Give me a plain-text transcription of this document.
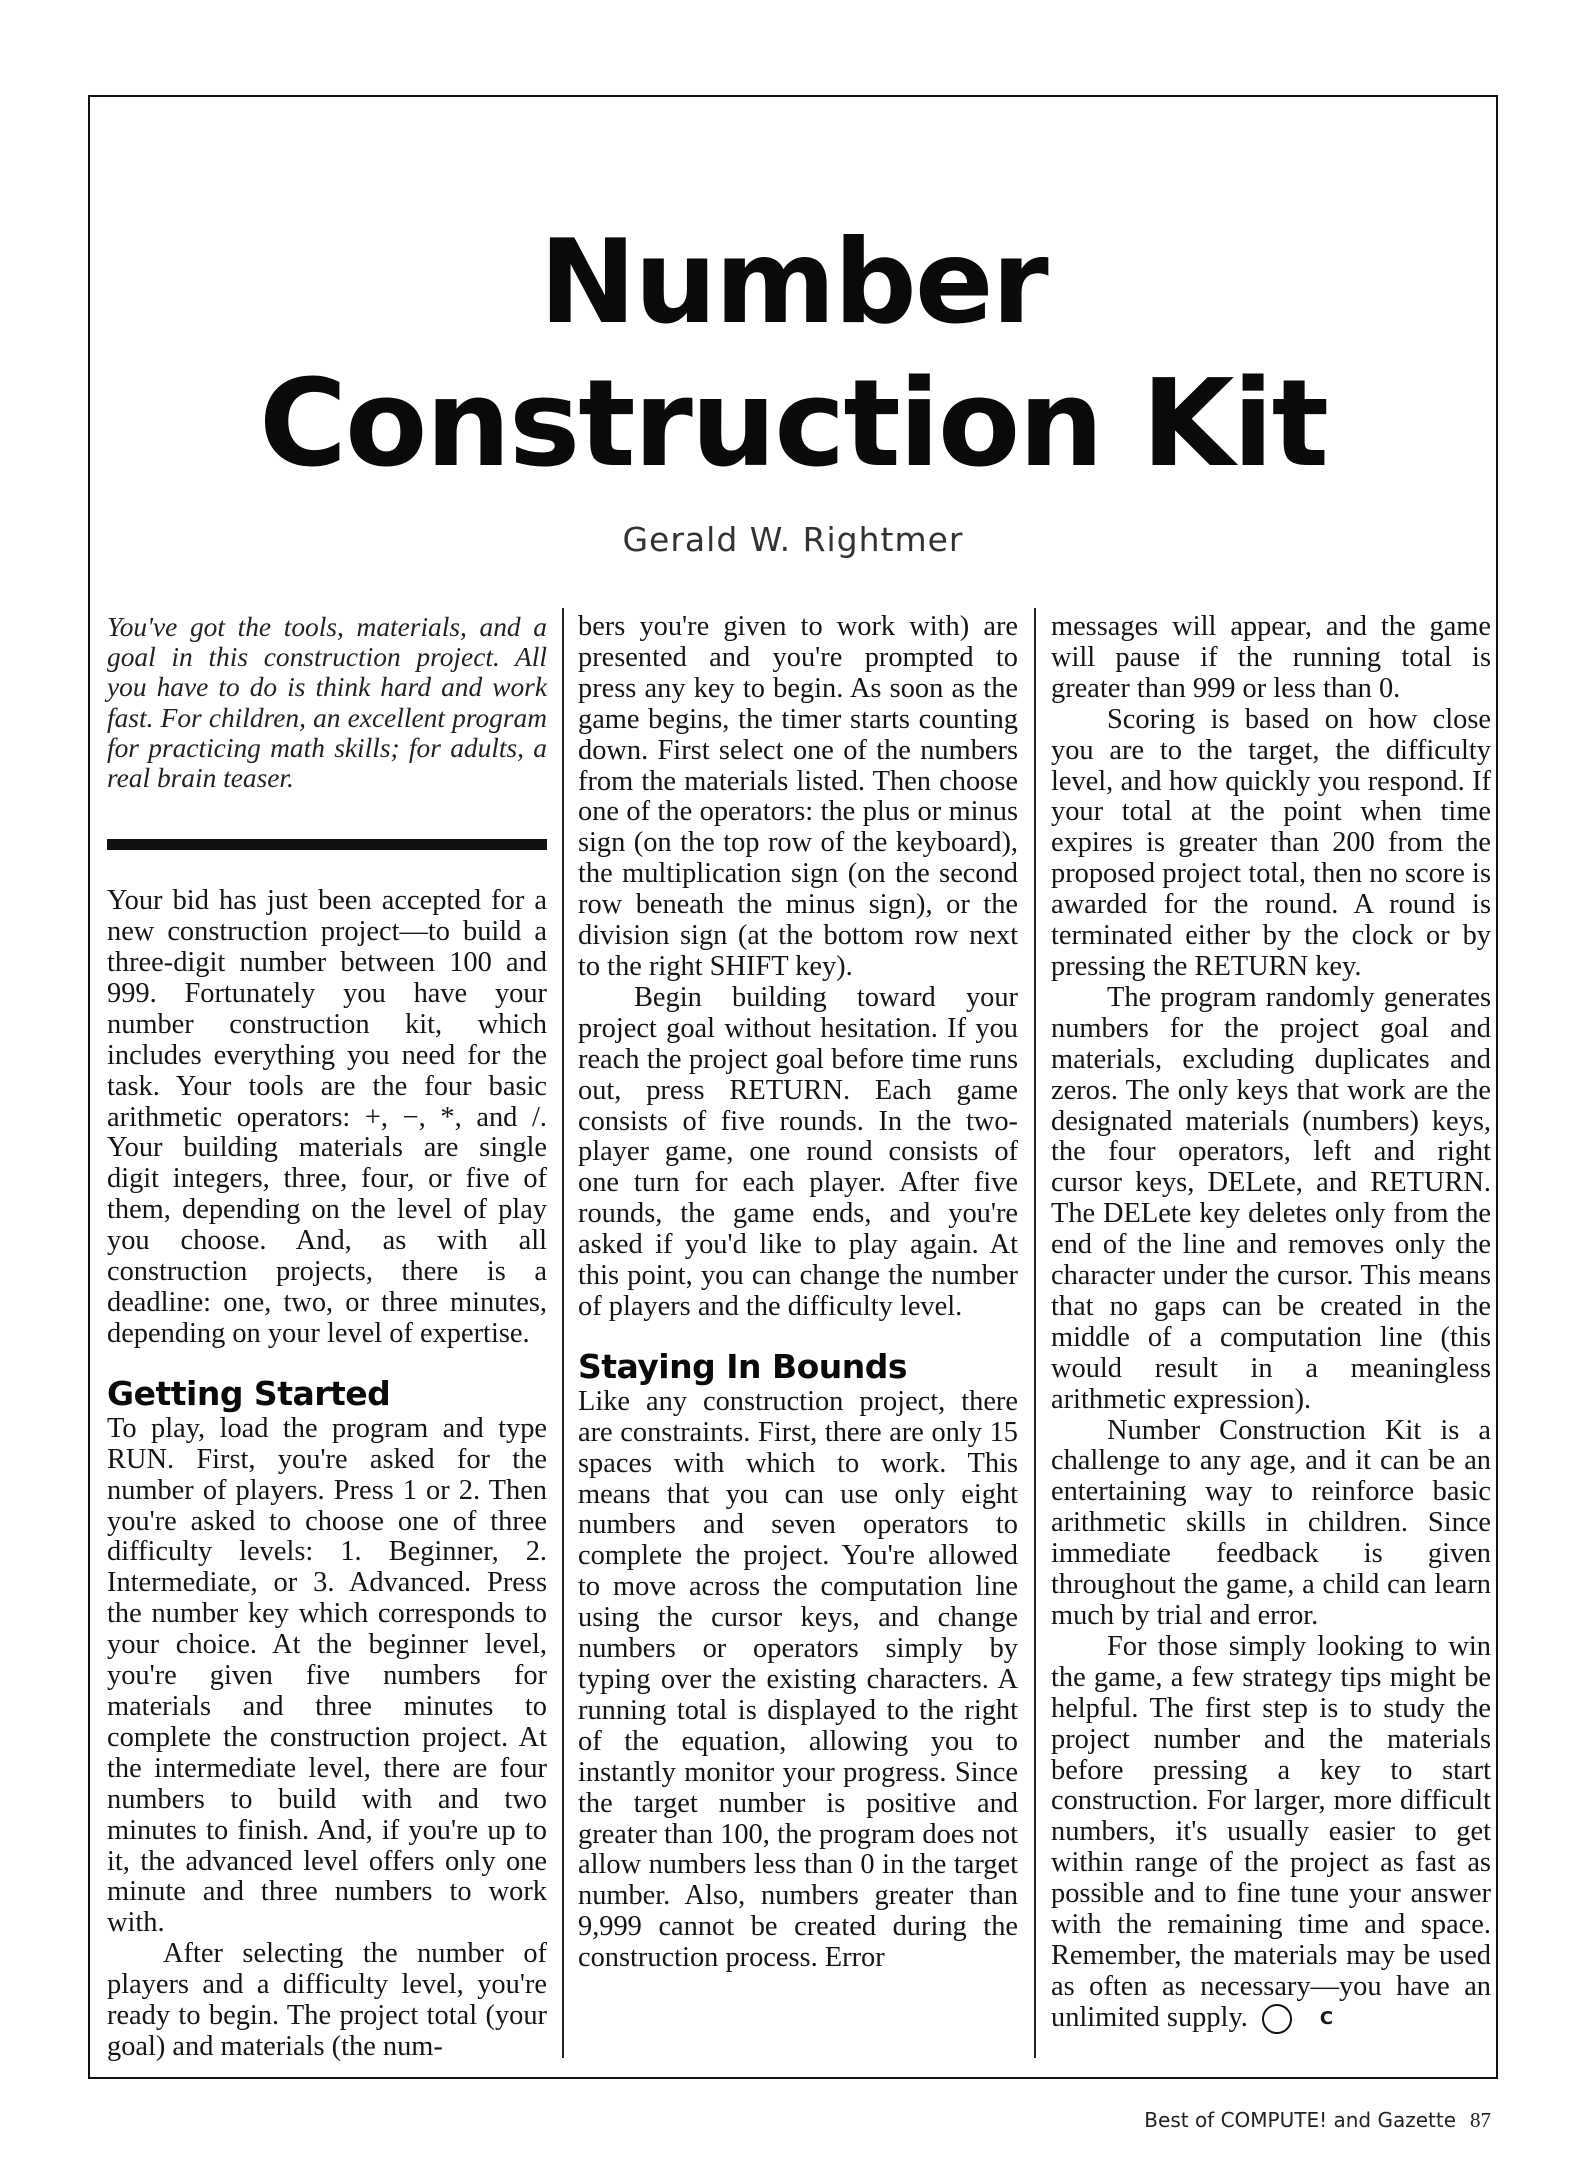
Number
Construction Kit
Gerald W. Rightmer

You've got the tools, materials, and a goal in this construction project. All you have to do is think hard and work fast. For children, an excellent program for practicing math skills; for adults, a real brain teaser.

Your bid has just been accepted for a new construction project—to build a three-digit number between 100 and 999. Fortunately you have your number construction kit, which includes everything you need for the task. Your tools are the four basic arithmetic operators: +, −, *, and /. Your building materials are single digit integers, three, four, or five of them, depending on the level of play you choose. And, as with all construction projects, there is a deadline: one, two, or three minutes, depending on your level of expertise.

Getting Started

To play, load the program and type RUN. First, you're asked for the number of players. Press 1 or 2. Then you're asked to choose one of three difficulty levels: 1. Beginner, 2. Intermediate, or 3. Advanced. Press the number key which corresponds to your choice. At the beginner level, you're given five numbers for materials and three minutes to complete the construction project. At the intermediate level, there are four numbers to build with and two minutes to finish. And, if you're up to it, the advanced level offers only one minute and three numbers to work with.

After selecting the number of players and a difficulty level, you're ready to begin. The project total (your goal) and materials (the num-

bers you're given to work with) are presented and you're prompted to press any key to begin. As soon as the game begins, the timer starts counting down. First select one of the numbers from the materials listed. Then choose one of the operators: the plus or minus sign (on the top row of the keyboard), the multiplication sign (on the second row beneath the minus sign), or the division sign (at the bottom row next to the right SHIFT key).

Begin building toward your project goal without hesitation. If you reach the project goal before time runs out, press RETURN. Each game consists of five rounds. In the two-player game, one round consists of one turn for each player. After five rounds, the game ends, and you're asked if you'd like to play again. At this point, you can change the number of players and the difficulty level.

Staying In Bounds

Like any construction project, there are constraints. First, there are only 15 spaces with which to work. This means that you can use only eight numbers and seven operators to complete the project. You're allowed to move across the computation line using the cursor keys, and change numbers or operators simply by typing over the existing characters. A running total is displayed to the right of the equation, allowing you to instantly monitor your progress. Since the target number is positive and greater than 100, the program does not allow numbers less than 0 in the target number. Also, numbers greater than 9,999 cannot be created during the construction process. Error

messages will appear, and the game will pause if the running total is greater than 999 or less than 0.

Scoring is based on how close you are to the target, the difficulty level, and how quickly you respond. If your total at the point when time expires is greater than 200 from the proposed project total, then no score is awarded for the round. A round is terminated either by the clock or by pressing the RETURN key.

The program randomly generates numbers for the project goal and materials, excluding duplicates and zeros. The only keys that work are the designated materials (numbers) keys, the four operators, left and right cursor keys, DELete, and RETURN. The DELete key deletes only from the end of the line and removes only the character under the cursor. This means that no gaps can be created in the middle of a computation line (this would result in a meaningless arithmetic expression).

Number Construction Kit is a challenge to any age, and it can be an entertaining way to reinforce basic arithmetic skills in children. Since immediate feedback is given throughout the game, a child can learn much by trial and error.

For those simply looking to win the game, a few strategy tips might be helpful. The first step is to study the project number and the materials before pressing a key to start construction. For larger, more difficult numbers, it's usually easier to get within range of the project as fast as possible and to fine tune your answer with the remaining time and space. Remember, the materials may be used as often as necessary—you have an unlimited supply.	C

Best of COMPUTE! and Gazette 87
